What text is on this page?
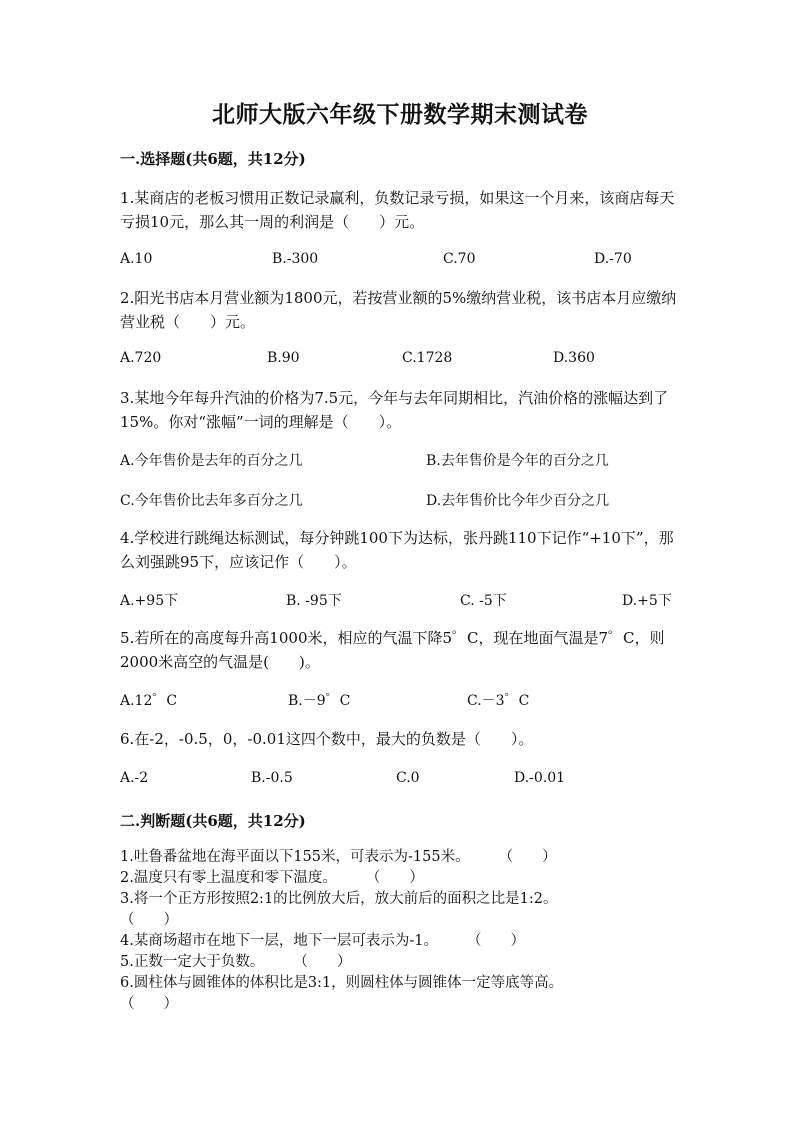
北师大版六年级下册数学期末测试卷
一.选择题(共6题，共12分)

1.某商店的老板习惯用正数记录赢利，负数记录亏损，如果这一个月来，该商店每天亏损10元，那么其一周的利润是（　　）元。

A.10	B.-300	C.70	D.-70

2.阳光书店本月营业额为1800元，若按营业额的5%缴纳营业税，该书店本月应缴纳营业税（　　）元。

A.720	B.90	C.1728	D.360

3.某地今年每升汽油的价格为7.5元，今年与去年同期相比，汽油价格的涨幅达到了15%。你对“涨幅”一词的理解是（　　）。

A.今年售价是去年的百分之几	B.去年售价是今年的百分之几
C.今年售价比去年多百分之几	D.去年售价比今年少百分之几

4.学校进行跳绳达标测试，每分钟跳100下为达标，张丹跳110下记作“+10下”，那么刘强跳95下，应该记作（　　）。

A.+95下	B. -95下	C. -5下	D.+5下

5.若所在的高度每升高1000米，相应的气温下降5゜C，现在地面气温是7゜C，则2000米高空的气温是(　　)。

A.12゜C	B.－9゜C	C.－3゜C

6.在-2，-0.5，0，-0.01这四个数中，最大的负数是（　　）。

A.-2	B.-0.5	C.0	D.-0.01
二.判断题(共6题，共12分)
1.吐鲁番盆地在海平面以下155米，可表示为-155米。　　　（　　）
2.温度只有零上温度和零下温度。　　　（　　）
3.将一个正方形按照2:1的比例放大后，放大前后的面积之比是1:2。
（　　）
4.某商场超市在地下一层，地下一层可表示为-1。　　　（　　）
5.正数一定大于负数。　　　（　　）
6.圆柱体与圆锥体的体积比是3:1，则圆柱体与圆锥体一定等底等高。
（　　）
